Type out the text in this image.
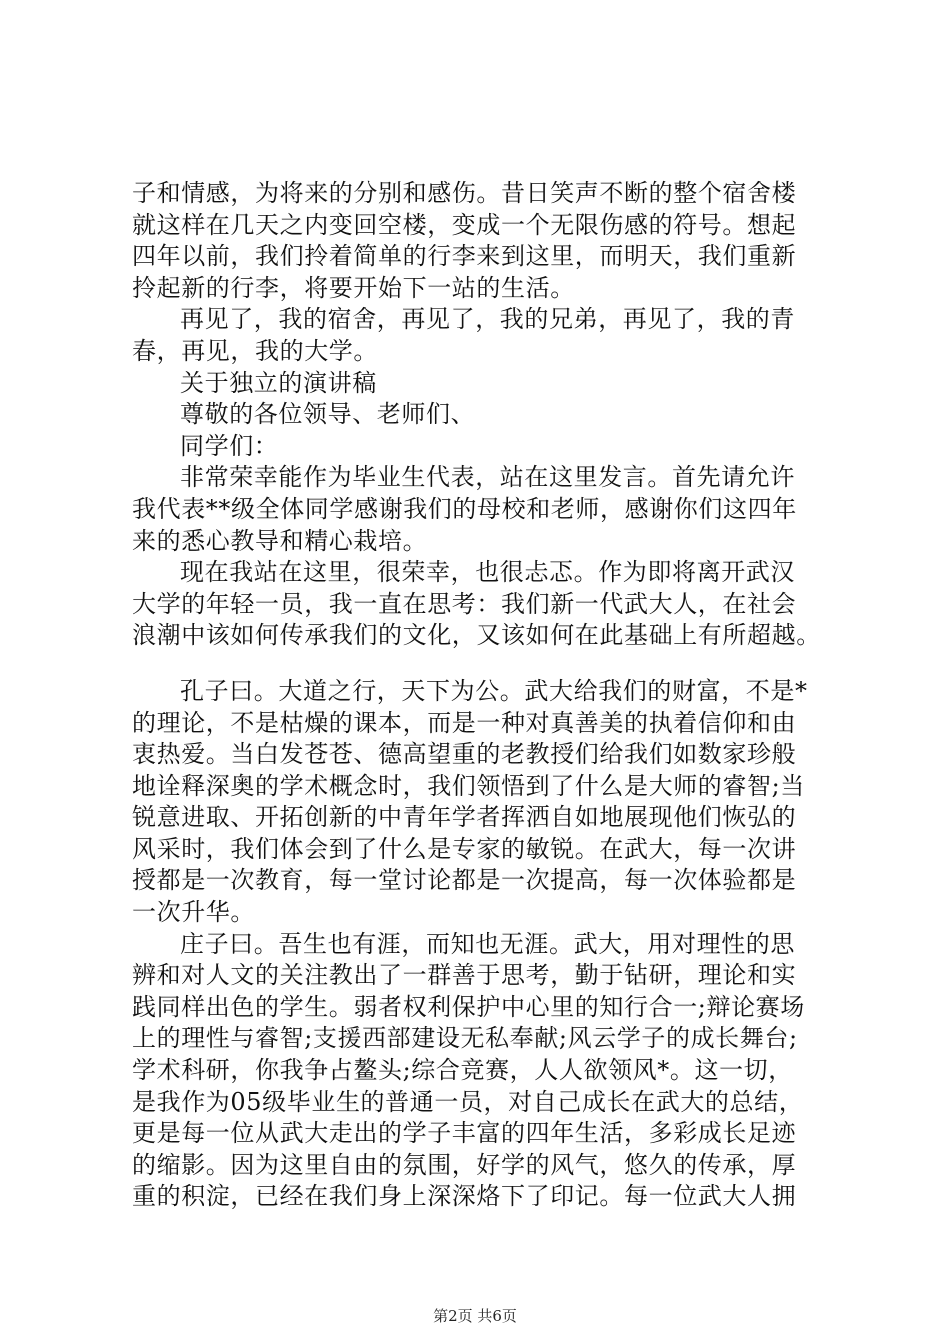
子和情感，为将来的分别和感伤。昔日笑声不断的整个宿舍楼
就这样在几天之内变回空楼，变成一个无限伤感的符号。想起
四年以前，我们拎着简单的行李来到这里，而明天，我们重新
拎起新的行李，将要开始下一站的生活。
再见了，我的宿舍，再见了，我的兄弟，再见了，我的青
春，再见，我的大学。
关于独立的演讲稿
尊敬的各位领导、老师们、
同学们：
非常荣幸能作为毕业生代表，站在这里发言。首先请允许
我代表**级全体同学感谢我们的母校和老师，感谢你们这四年
来的悉心教导和精心栽培。
现在我站在这里，很荣幸，也很忐忑。作为即将离开武汉
大学的年轻一员，我一直在思考：我们新一代武大人，在社会
浪潮中该如何传承我们的文化，又该如何在此基础上有所超越。
孔子曰。大道之行，天下为公。武大给我们的财富，不是*
的理论，不是枯燥的课本，而是一种对真善美的执着信仰和由
衷热爱。当白发苍苍、德高望重的老教授们给我们如数家珍般
地诠释深奥的学术概念时，我们领悟到了什么是大师的睿智;当
锐意进取、开拓创新的中青年学者挥洒自如地展现他们恢弘的
风采时，我们体会到了什么是专家的敏锐。在武大，每一次讲
授都是一次教育，每一堂讨论都是一次提高，每一次体验都是
一次升华。
庄子曰。吾生也有涯，而知也无涯。武大，用对理性的思
辨和对人文的关注教出了一群善于思考，勤于钻研，理论和实
践同样出色的学生。弱者权利保护中心里的知行合一;辩论赛场
上的理性与睿智;支援西部建设无私奉献;风云学子的成长舞台;
学术科研，你我争占鳌头;综合竞赛，人人欲领风*。这一切，
是我作为05级毕业生的普通一员，对自己成长在武大的总结，
更是每一位从武大走出的学子丰富的四年生活，多彩成长足迹
的缩影。因为这里自由的氛围，好学的风气，悠久的传承，厚
重的积淀，已经在我们身上深深烙下了印记。每一位武大人拥
第2页 共6页
